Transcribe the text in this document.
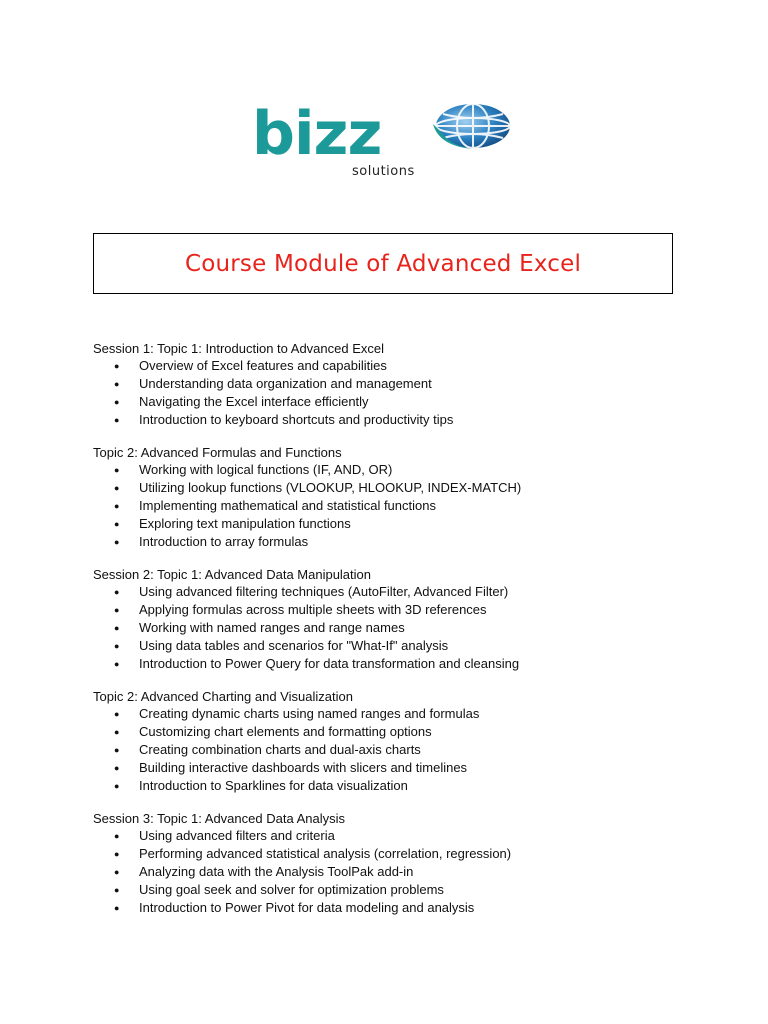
bizz
solutions
Course Module of Advanced Excel

Session 1: Topic 1: Introduction to Advanced Excel

● Overview of Excel features and capabilities
● Understanding data organization and management
● Navigating the Excel interface efficiently
● Introduction to keyboard shortcuts and productivity tips

Topic 2: Advanced Formulas and Functions

● Working with logical functions (IF, AND, OR)
● Utilizing lookup functions (VLOOKUP, HLOOKUP, INDEX-MATCH)
● Implementing mathematical and statistical functions
● Exploring text manipulation functions
● Introduction to array formulas

Session 2: Topic 1: Advanced Data Manipulation

● Using advanced filtering techniques (AutoFilter, Advanced Filter)
● Applying formulas across multiple sheets with 3D references
● Working with named ranges and range names
● Using data tables and scenarios for "What-If" analysis
● Introduction to Power Query for data transformation and cleansing

Topic 2: Advanced Charting and Visualization

● Creating dynamic charts using named ranges and formulas
● Customizing chart elements and formatting options
● Creating combination charts and dual-axis charts
● Building interactive dashboards with slicers and timelines
● Introduction to Sparklines for data visualization

Session 3: Topic 1: Advanced Data Analysis

● Using advanced filters and criteria
● Performing advanced statistical analysis (correlation, regression)
● Analyzing data with the Analysis ToolPak add-in
● Using goal seek and solver for optimization problems
● Introduction to Power Pivot for data modeling and analysis
